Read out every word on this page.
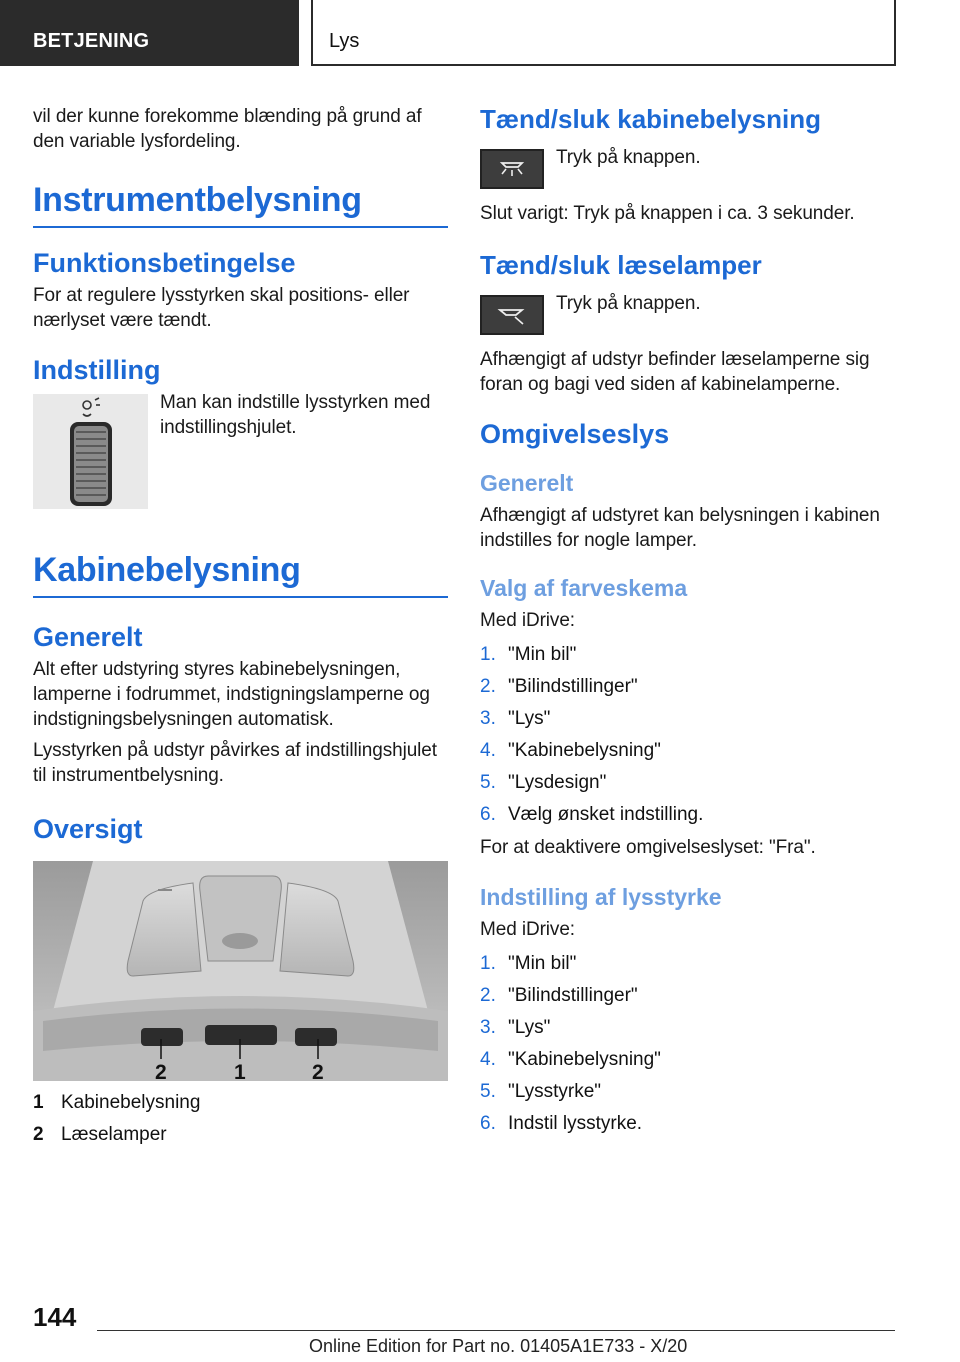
BETJENING	Lys

vil der kunne forekomme blænding på grund af den variable lysfordeling.

Instrumentbelysning
Funktionsbetingelse

For at regulere lysstyrken skal positions- eller nærlyset være tændt.

Indstilling

Man kan indstille lysstyrken med indstillingshjulet.

Kabinebelysning
Generelt

Alt efter udstyring styres kabinebelysningen, lamperne i fodrummet, indstigningslamperne og indstigningsbelysningen automatisk.

Lysstyrken på udstyr påvirkes af indstillingshjulet til instrumentbelysning.

Oversigt
2	1	2
1 Kabinebelysning
2 Læselamper
Tænd/sluk kabinebelysning

Tryk på knappen.

Slut varigt: Tryk på knappen i ca. 3 sekunder.

Tænd/sluk læselamper

Tryk på knappen.

Afhængigt af udstyr befinder læselamperne sig foran og bagi ved siden af kabinelamperne.

Omgivelseslys
Generelt

Afhængigt af udstyret kan belysningen i kabinen indstilles for nogle lamper.

Valg af farveskema

Med iDrive:

1. "Min bil"
2. "Bilindstillinger"
3. "Lys"
4. "Kabinebelysning"
5. "Lysdesign"
6. Vælg ønsket indstilling.

For at deaktivere omgivelseslyset: "Fra".

Indstilling af lysstyrke

Med iDrive:

1. "Min bil"
2. "Bilindstillinger"
3. "Lys"
4. "Kabinebelysning"
5. "Lysstyrke"
6. Indstil lysstyrke.
144
Online Edition for Part no. 01405A1E733 - X/20
